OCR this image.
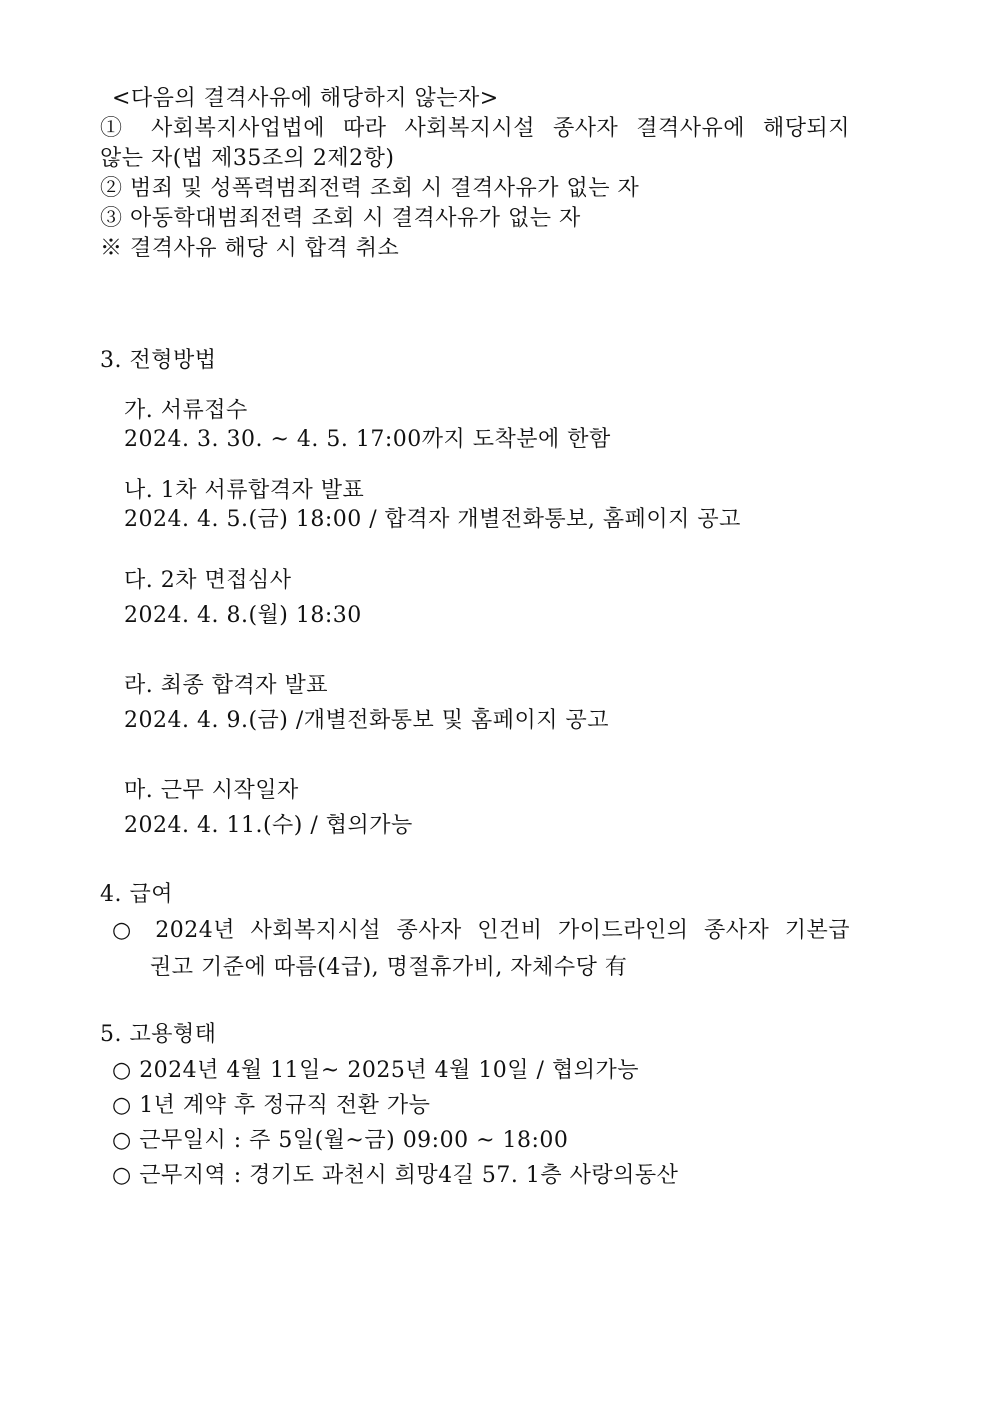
<다음의 결격사유에 해당하지 않는자>

① 사회복지사업법에 따라 사회복지시설 종사자 결격사유에 해당되지

않는 자(법 제35조의 2제2항)

② 범죄 및 성폭력범죄전력 조회 시 결격사유가 없는 자

③ 아동학대범죄전력 조회 시 결격사유가 없는 자

※ 결격사유 해당 시 합격 취소

3. 전형방법

가. 서류접수

2024. 3. 30. ~ 4. 5. 17:00까지 도착분에 한함

나. 1차 서류합격자 발표

2024. 4. 5.(금) 18:00 / 합격자 개별전화통보, 홈페이지 공고

다. 2차 면접심사

2024. 4. 8.(월) 18:30

라. 최종 합격자 발표

2024. 4. 9.(금) /개별전화통보 및 홈페이지 공고

마. 근무 시작일자

2024. 4. 11.(수) / 협의가능

4. 급여

○ 2024년 사회복지시설 종사자 인건비 가이드라인의 종사자 기본급

권고 기준에 따름(4급), 명절휴가비, 자체수당 有

5. 고용형태

○ 2024년 4월 11일~ 2025년 4월 10일 / 협의가능

○ 1년 계약 후 정규직 전환 가능

○ 근무일시 : 주 5일(월~금) 09:00 ~ 18:00

○ 근무지역 : 경기도 과천시 희망4길 57. 1층 사랑의동산
